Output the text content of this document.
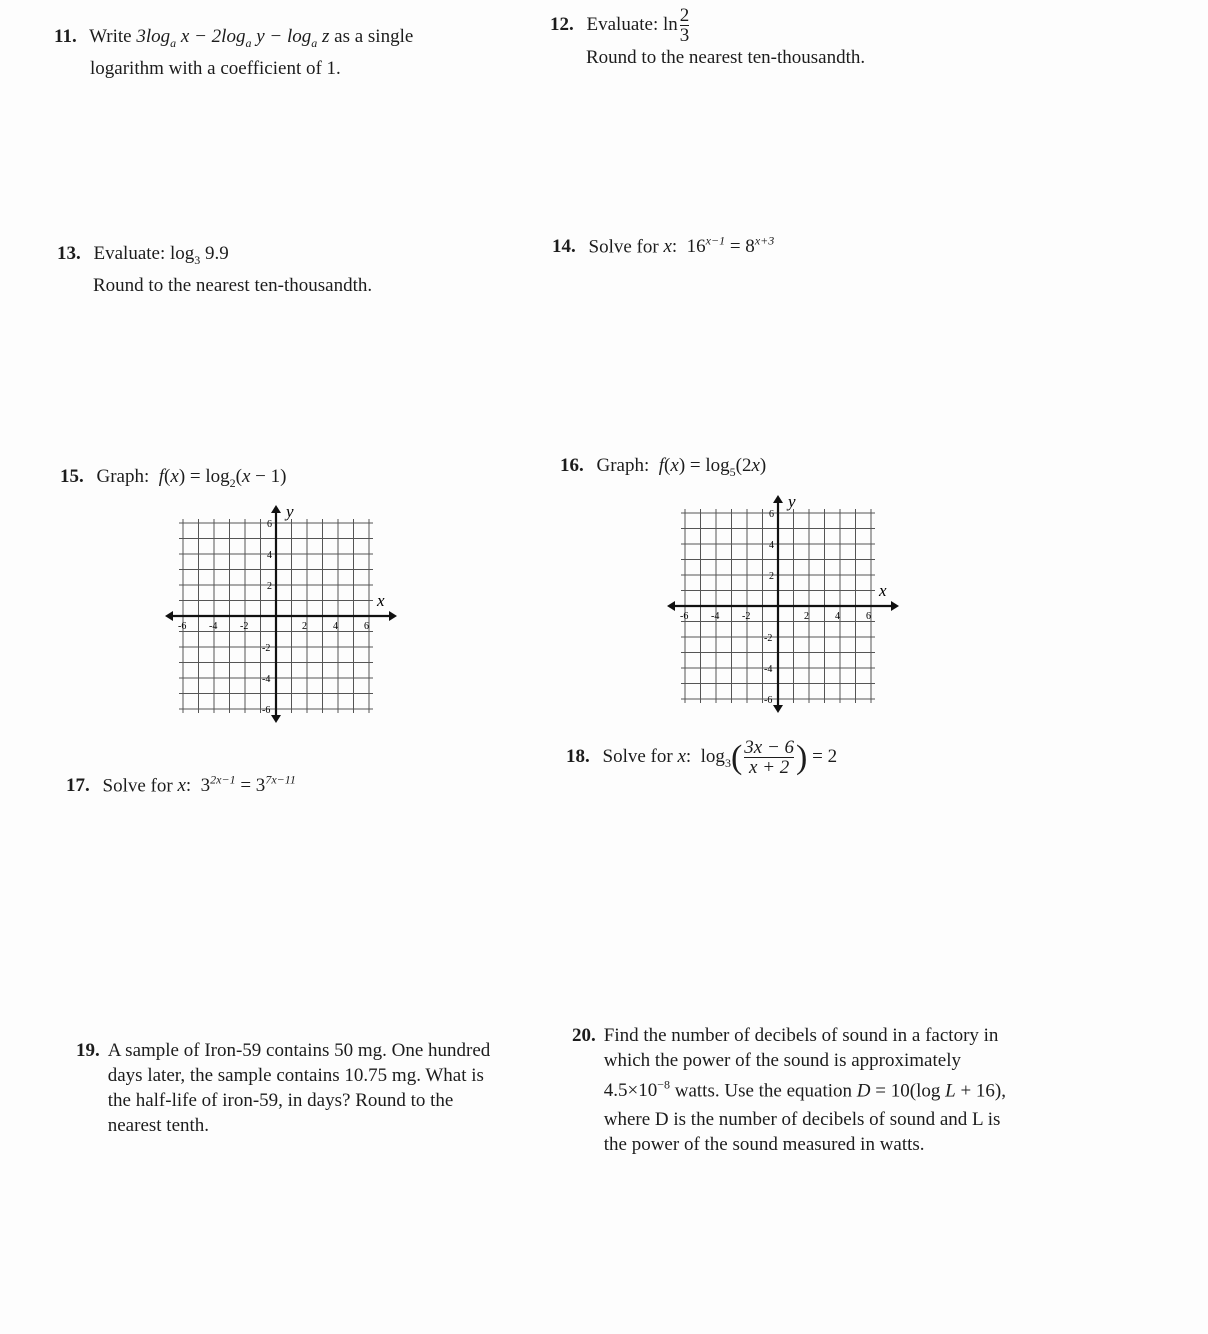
11. Write $3\log_a$ $x - 2\log_a$ $y - \log_a z$ as a single
logarithm with a coefficient of 1.
12. Evaluate: $\ln \frac{2}{3}$

Round to the nearest ten-thousandth.
13. Evaluate: $\log_3 9.9$
Round to the nearest ten-thousandth.
14. Solve for x:  $16^{x-1} = 8^{x+3}$
15. Graph: $f(x) = \log_2(x - 1)$
16. Graph: $f(x) = \log_5(2x)$
y
x
-6 -4 -2	2	4	6
6
4
2
-2
-4
-6
y
x
-6 -4 -2	2	4	6
6
4
2
-2
-4
-6
17. Solve for x:  $3^{2x-1} = 3^{7x-11}$
18. Solve for x:  $\log_3( \frac{3x - 6}{x + 2}$ ) = 2
19. A sample of Iron-59 contains 50 mg. One hundred
days later, the sample contains 10.75 mg. What is
the half-life of iron-59, in days? Round to the
nearest tenth.
20. Find the number of decibels of sound in a factory in
which the power of the sound is approximately
$4.5\times 10^{-8}$ watts. Use the equation D = 10(log L + 16),
where D is the number of decibels of sound and L is
the power of the sound measured in watts.
